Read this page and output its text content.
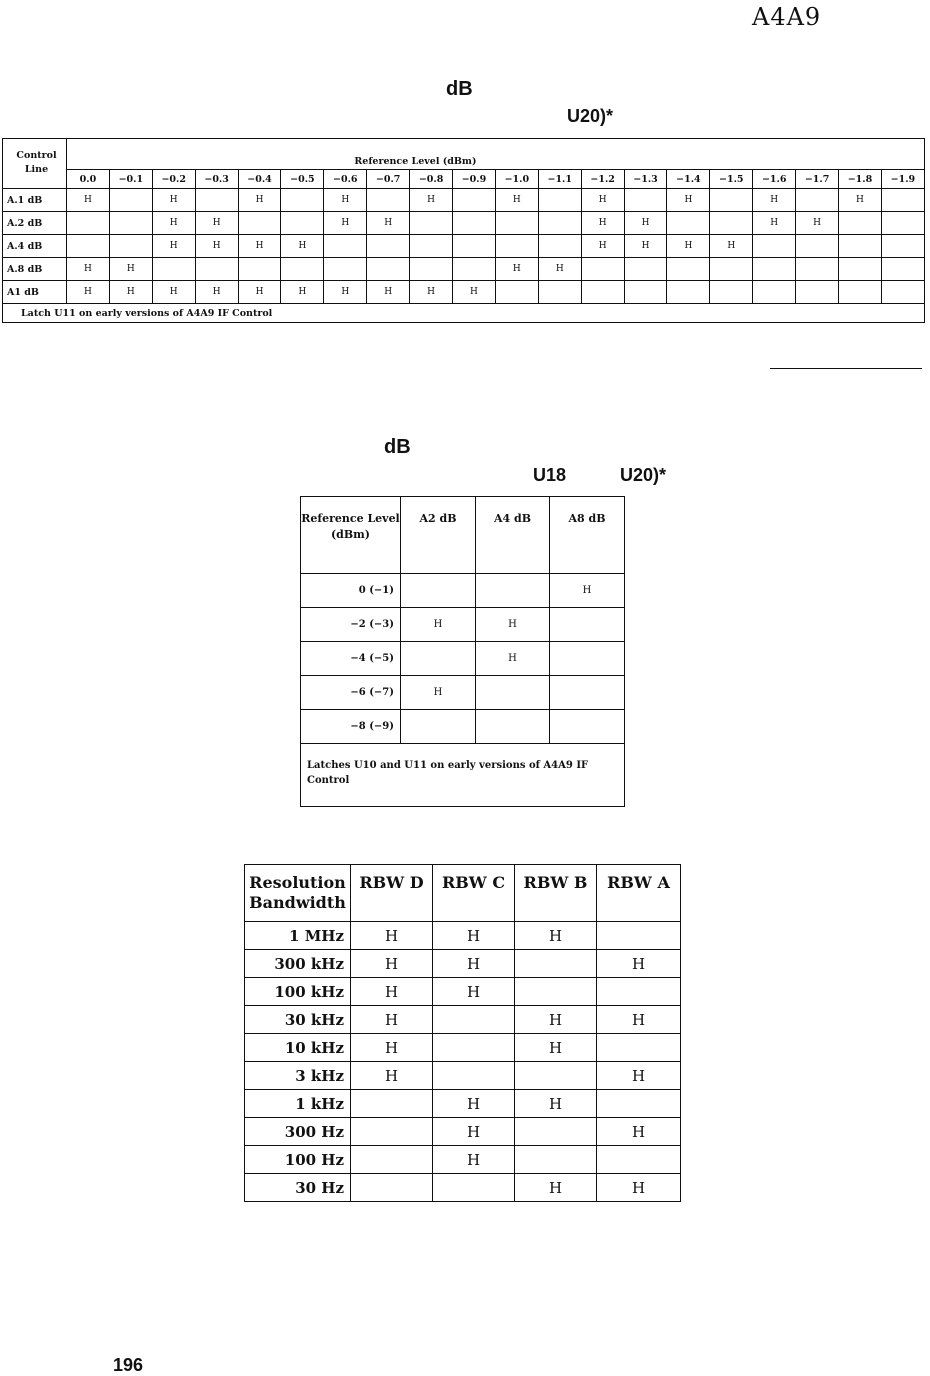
A4A9
dB
U20)*
dB
U18	U20)*
Control Line	Reference Level (dBm)																			
	0.0	−0.1	−0.2	−0.3	−0.4	−0.5	−0.6	−0.7	−0.8	−0.9	−1.0	−1.1	−1.2	−1.3	−1.4	−1.5	−1.6	−1.7	−1.8	−1.9
A.1 dB	H		H		H		H		H		H		H		H		H		H	
A.2 dB			H	H			H	H					H	H			H	H		
A.4 dB			H	H	H	H							H	H	H	H				
A.8 dB	H	H									H	H								
A1 dB	H	H	H	H	H	H	H	H	H	H										
Latch U11 on early versions of A4A9 IF Control																				
Reference Level (dBm)	A2 dB	A4 dB	A8 dB
0 (−1)			H
−2 (−3)	H	H	
−4 (−5)		H	
−6 (−7)	H		
−8 (−9)			
Latches U10 and U11 on early versions of A4A9 IF Control			
Resolution Bandwidth	RBW D	RBW C	RBW B	RBW A
1 MHz	H	H	H	
300 kHz	H	H		H
100 kHz	H	H		
30 kHz	H		H	H
10 kHz	H		H	
3 kHz	H			H
1 kHz		H	H	
300 Hz		H		H
100 Hz		H		
30 Hz			H	H
196
